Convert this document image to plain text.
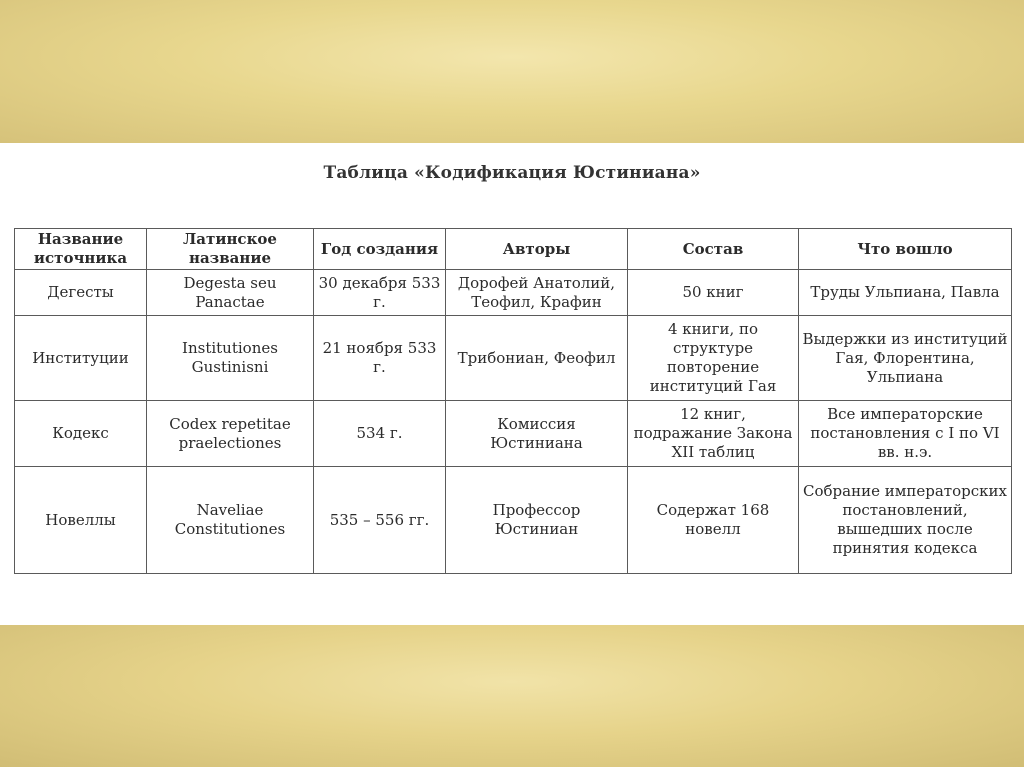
Таблица «Кодификация Юстиниана»
Название источника	Латинское название	Год создания	Авторы	Состав	Что вошло
Дегесты	Degesta seu Panactae	30 декабря 533 г.	Дорофей Анатолий, Теофил, Крафин	50 книг	Труды Ульпиана, Павла
Институции	Institutiones Gustinisni	21 ноября 533 г.	Трибониан, Феофил	4 книги, по структуре повторение институций Гая	Выдержки из институций Гая, Флорентина, Ульпиана
Кодекс	Codex repetitae praelectiones	534 г.	Комиссия Юстиниана	12 книг, подражание Закона XII таблиц	Все императорские постановления с I по VI вв. н.э.
Новеллы	Naveliae Constitutiones	535 – 556 гг.	Профессор Юстиниан	Содержат 168 новелл	Собрание императорских постановлений, вышедших после принятия кодекса
